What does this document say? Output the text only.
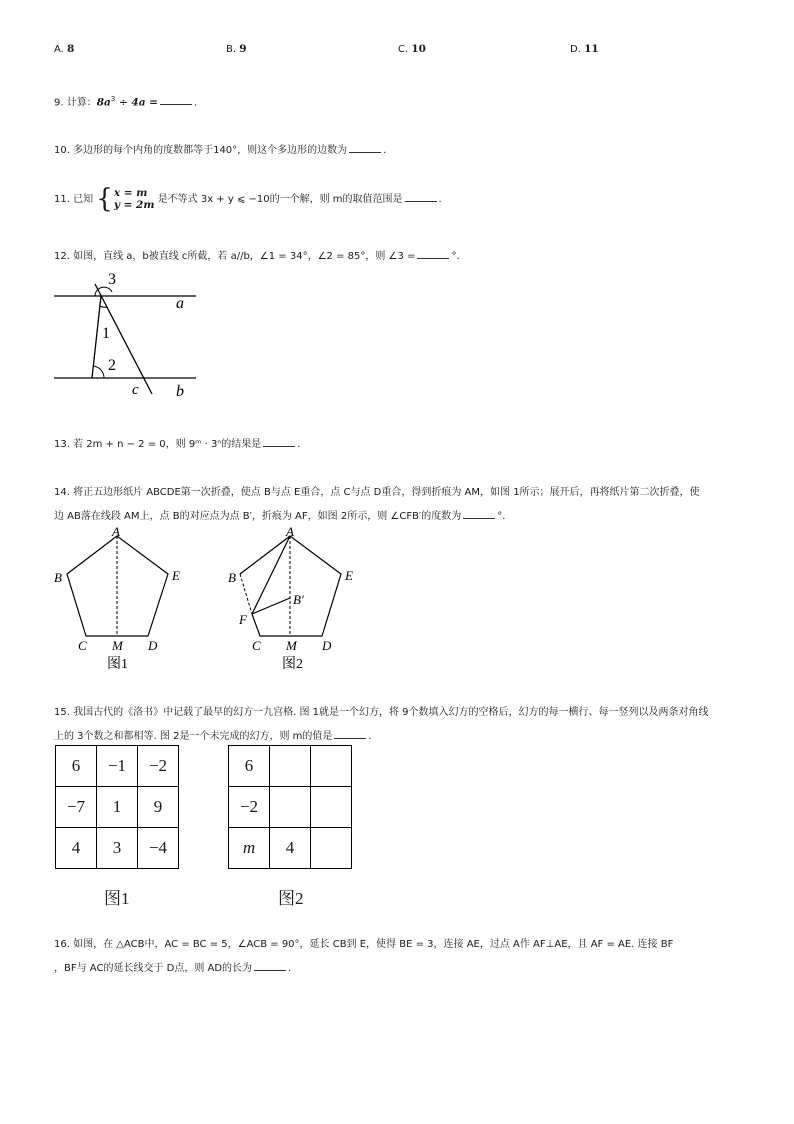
A. 8	B. 9	C. 10	D. 11
9. 计算：$8a^3 \div 4a$ =	.
10. 多边形的每个内角的度数都等于140°，则这个多边形的边数为	.
11. 已知 { x = m
y = 2m 是不等式 3x + y ⩽ −10的一个解，则 m的取值范围是	.
12. 如图，直线 a，b被直线 c所截，若 a//b，∠1 = 34°，∠2 = 85°，则 ∠3 =	°.
3
1
2
a
b
c
13. 若 2m + n − 2 = 0，则 9ᵐ · 3ⁿ的结果是	.
14. 将正五边形纸片 ABCDE第一次折叠，使点 B与点 E重合，点 C与点 D重合，得到折痕为 AM，如图 1所示；展开后，再将纸片第二次折叠，使
边 AB落在线段 AM上，点 B的对应点为点 B′，折痕为 AF，如图 2所示，则 ∠CFB′的度数为	°.
A
B
C M D
E
图1
A
B
B′
F
C M D
E
图2
15. 我国古代的《洛书》中记载了最早的幻方一九宫格. 图 1就是一个幻方，将 9个数填入幻方的空格后，幻方的每一横行、每一竖列以及两条对角线
上的 3个数之和都相等. 图 2是一个未完成的幻方，则 m的值是	.
6	−1	−2
−7	1	9
4	3	−4
图1
6		
−2		
m	4	
图2
16. 如图，在 △ACB中，AC = BC = 5，∠ACB = 90°，延长 CB到 E，使得 BE = 3，连接 AE，过点 A作 AF⊥AE，且 AF = AE. 连接 BF
，BF与 AC的延长线交于 D点，则 AD的长为	.
